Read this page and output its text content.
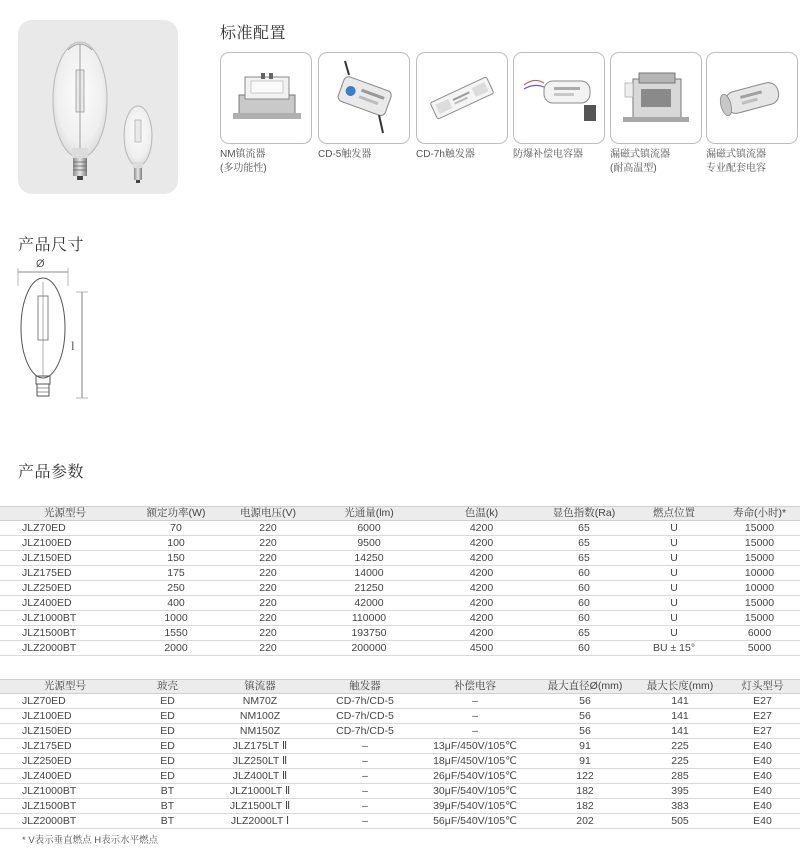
标准配置
NM镇流器
(多功能性)
CD-5触发器	CD-7h触发器	防爆补偿电容器	漏磁式镇流器
(耐高温型)
漏磁式镇流器
专业配套电容
产品尺寸
Ø
l
产品参数
光源型号	额定功率(W)	电源电压(V)	光通量(lm)	色温(k)	显色指数(Ra)	燃点位置	寿命(小时)*
JLZ70ED	70	220	6000	4200	65	U	15000
JLZ100ED	100	220	9500	4200	65	U	15000
JLZ150ED	150	220	14250	4200	65	U	15000
JLZ175ED	175	220	14000	4200	60	U	10000
JLZ250ED	250	220	21250	4200	60	U	10000
JLZ400ED	400	220	42000	4200	60	U	15000
JLZ1000BT	1000	220	110000	4200	60	U	15000
JLZ1500BT	1550	220	193750	4200	65	U	6000
JLZ2000BT	2000	220	200000	4500	60	BU ± 15°	5000
光源型号	玻壳	镇流器	触发器	补偿电容	最大直径Ø(mm)	最大长度(mm)	灯头型号
JLZ70ED	ED	NM70Z	CD-7h/CD-5	–	56	141	E27
JLZ100ED	ED	NM100Z	CD-7h/CD-5	–	56	141	E27
JLZ150ED	ED	NM150Z	CD-7h/CD-5	–	56	141	E27
JLZ175ED	ED	JLZ175LT Ⅱ	–	13μF/450V/105℃	91	225	E40
JLZ250ED	ED	JLZ250LT Ⅱ	–	18μF/450V/105℃	91	225	E40
JLZ400ED	ED	JLZ400LT Ⅱ	–	26μF/540V/105℃	122	285	E40
JLZ1000BT	BT	JLZ1000LT Ⅱ	–	30μF/540V/105℃	182	395	E40
JLZ1500BT	BT	JLZ1500LT Ⅱ	–	39μF/540V/105℃	182	383	E40
JLZ2000BT	BT	JLZ2000LT Ⅰ	–	56μF/540V/105℃	202	505	E40
* V表示垂直燃点 H表示水平燃点
